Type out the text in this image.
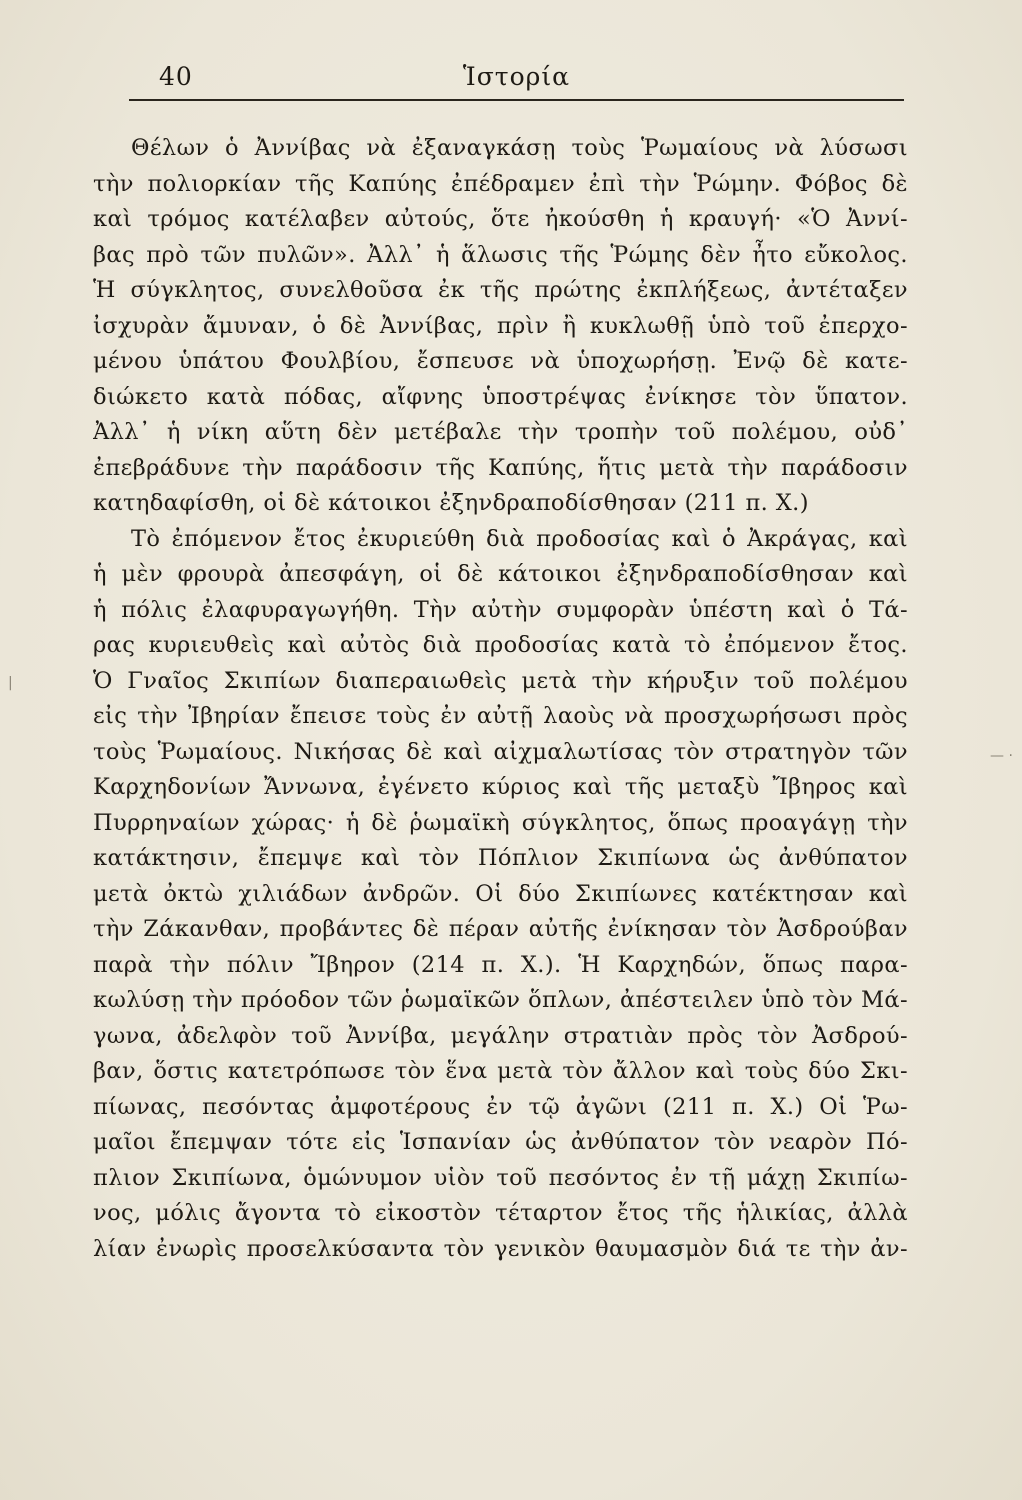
40	Ἱστορία
|
— ·
Θέλων ὁ Ἀννίβας νὰ ἐξαναγκάσῃ τοὺς Ῥωμαίους νὰ λύσωσι
τὴν πολιορκίαν τῆς Καπύης ἐπέδραμεν ἐπὶ τὴν Ῥώμην. Φόβος δὲ
καὶ τρόμος κατέλαβεν αὐτούς, ὅτε ἠκούσθη ἡ κραυγή· «Ὁ Ἀννί-
βας πρὸ τῶν πυλῶν». Ἀλλ᾽ ἡ ἅλωσις τῆς Ῥώμης δὲν ἦτο εὔκολος.
Ἡ σύγκλητος, συνελθοῦσα ἐκ τῆς πρώτης ἐκπλήξεως, ἀντέταξεν
ἰσχυρὰν ἄμυναν, ὁ δὲ Ἀννίβας, πρὶν ἢ κυκλωθῇ ὑπὸ τοῦ ἐπερχο-
μένου ὑπάτου Φουλβίου, ἔσπευσε νὰ ὑποχωρήσῃ. Ἐνῷ δὲ κατε-
διώκετο κατὰ πόδας, αἴφνης ὑποστρέψας ἐνίκησε τὸν ὕπατον.
Ἀλλ᾽ ἡ νίκη αὕτη δὲν μετέβαλε τὴν τροπὴν τοῦ πολέμου, οὐδ᾽
ἐπεβράδυνε τὴν παράδοσιν τῆς Καπύης, ἥτις μετὰ τὴν παράδοσιν
κατηδαφίσθη, οἱ δὲ κάτοικοι ἐξηνδραποδίσθησαν (211 π. Χ.)
Τὸ ἐπόμενον ἔτος ἐκυριεύθη διὰ προδοσίας καὶ ὁ Ἀκράγας, καὶ
ἡ μὲν φρουρὰ ἀπεσφάγη, οἱ δὲ κάτοικοι ἐξηνδραποδίσθησαν καὶ
ἡ πόλις ἐλαφυραγωγήθη. Τὴν αὐτὴν συμφορὰν ὑπέστη καὶ ὁ Τά-
ρας κυριευθεὶς καὶ αὐτὸς διὰ προδοσίας κατὰ τὸ ἐπόμενον ἔτος.
Ὁ Γναῖος Σκιπίων διαπεραιωθεὶς μετὰ τὴν κήρυξιν τοῦ πολέμου
εἰς τὴν Ἰβηρίαν ἔπεισε τοὺς ἐν αὐτῇ λαοὺς νὰ προσχωρήσωσι πρὸς
τοὺς Ῥωμαίους. Νικήσας δὲ καὶ αἰχμαλωτίσας τὸν στρατηγὸν τῶν
Καρχηδονίων Ἄννωνα, ἐγένετο κύριος καὶ τῆς μεταξὺ Ἴβηρος καὶ
Πυρρηναίων χώρας· ἡ δὲ ῥωμαϊκὴ σύγκλητος, ὅπως προαγάγῃ τὴν
κατάκτησιν, ἔπεμψε καὶ τὸν Πόπλιον Σκιπίωνα ὡς ἀνθύπατον
μετὰ ὀκτὼ χιλιάδων ἀνδρῶν. Οἱ δύο Σκιπίωνες κατέκτησαν καὶ
τὴν Ζάκανθαν, προβάντες δὲ πέραν αὐτῆς ἐνίκησαν τὸν Ἀσδρούβαν
παρὰ τὴν πόλιν Ἴβηρον (214 π. Χ.). Ἡ Καρχηδών, ὅπως παρα-
κωλύσῃ τὴν πρόοδον τῶν ῥωμαϊκῶν ὅπλων, ἀπέστειλεν ὑπὸ τὸν Μά-
γωνα, ἀδελφὸν τοῦ Ἀννίβα, μεγάλην στρατιὰν πρὸς τὸν Ἀσδρού-
βαν, ὅστις κατετρόπωσε τὸν ἕνα μετὰ τὸν ἄλλον καὶ τοὺς δύο Σκι-
πίωνας, πεσόντας ἀμφοτέρους ἐν τῷ ἀγῶνι (211 π. Χ.) Οἱ Ῥω-
μαῖοι ἔπεμψαν τότε εἰς Ἱσπανίαν ὡς ἀνθύπατον τὸν νεαρὸν Πό-
πλιον Σκιπίωνα, ὁμώνυμον υἱὸν τοῦ πεσόντος ἐν τῇ μάχῃ Σκιπίω-
νος, μόλις ἄγοντα τὸ εἰκοστὸν τέταρτον ἔτος τῆς ἡλικίας, ἀλλὰ
λίαν ἐνωρὶς προσελκύσαντα τὸν γενικὸν θαυμασμὸν διά τε τὴν ἀν-
